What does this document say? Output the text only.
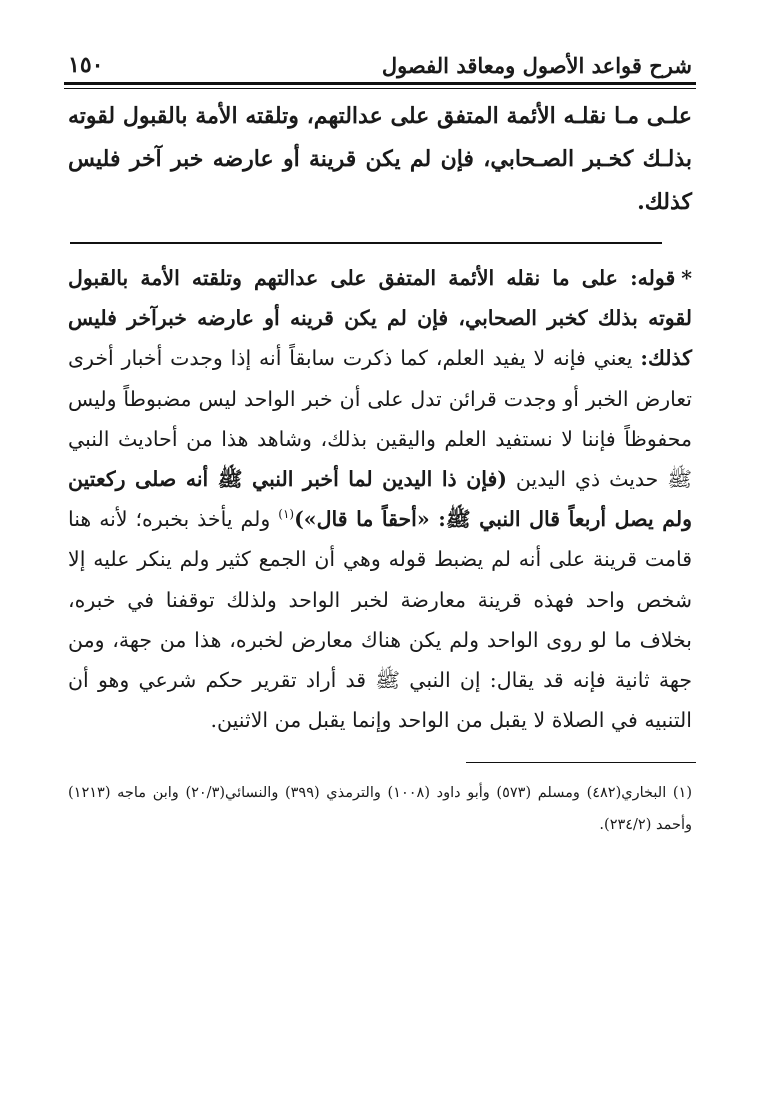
شرح قواعد الأصول ومعاقد الفصول
١٥٠
علـى مـا نقلـه الأئمة المتفق على عدالتهم، وتلقته الأمة بالقبول لقوته بذلـك كخـبر الصـحابي، فإن لم يكن قرينة أو عارضه خبر آخر فليس كذلك.
*قوله: على ما نقله الأئمة المتفق على عدالتهم وتلقته الأمة بالقبول لقوته بذلك كخبر الصحابي، فإن لم يكن قرينه أو عارضه خبرآخر فليس كذلك: يعني فإنه لا يفيد العلم، كما ذكرت سابقاً أنه إذا وجدت أخبار أخرى تعارض الخبر أو وجدت قرائن تدل على أن خبر الواحد ليس مضبوطاً وليس محفوظاً فإننا لا نستفيد العلم واليقين بذلك، وشاهد هذا من أحاديث النبي ﷺ حديث ذي اليدين (فإن ذا اليدين لما أخبر النبي ﷺ أنه صلى ركعتين ولم يصل أربعاً قال النبي ﷺ: «أحقاً ما قال»)$^{(١)}$ ولم يأخذ بخبره؛ لأنه هنا قامت قرينة على أنه لم يضبط قوله وهي أن الجمع كثير ولم ينكر عليه إلا شخص واحد فهذه قرينة معارضة لخبر الواحد ولذلك توقفنا في خبره، بخلاف ما لو روى الواحد ولم يكن هناك معارض لخبره، هذا من جهة، ومن جهة ثانية فإنه قد يقال: إن النبي ﷺ قد أراد تقرير حكم شرعي وهو أن التنبيه في الصلاة لا يقبل من الواحد وإنما يقبل من الاثنين.
(١) البخاري(٤٨٢) ومسلم (٥٧٣) وأبو داود (١٠٠٨) والترمذي (٣٩٩) والنسائي(٢٠/٣) وابن ماجه (١٢١٣) وأحمد (٢٣٤/٢).
